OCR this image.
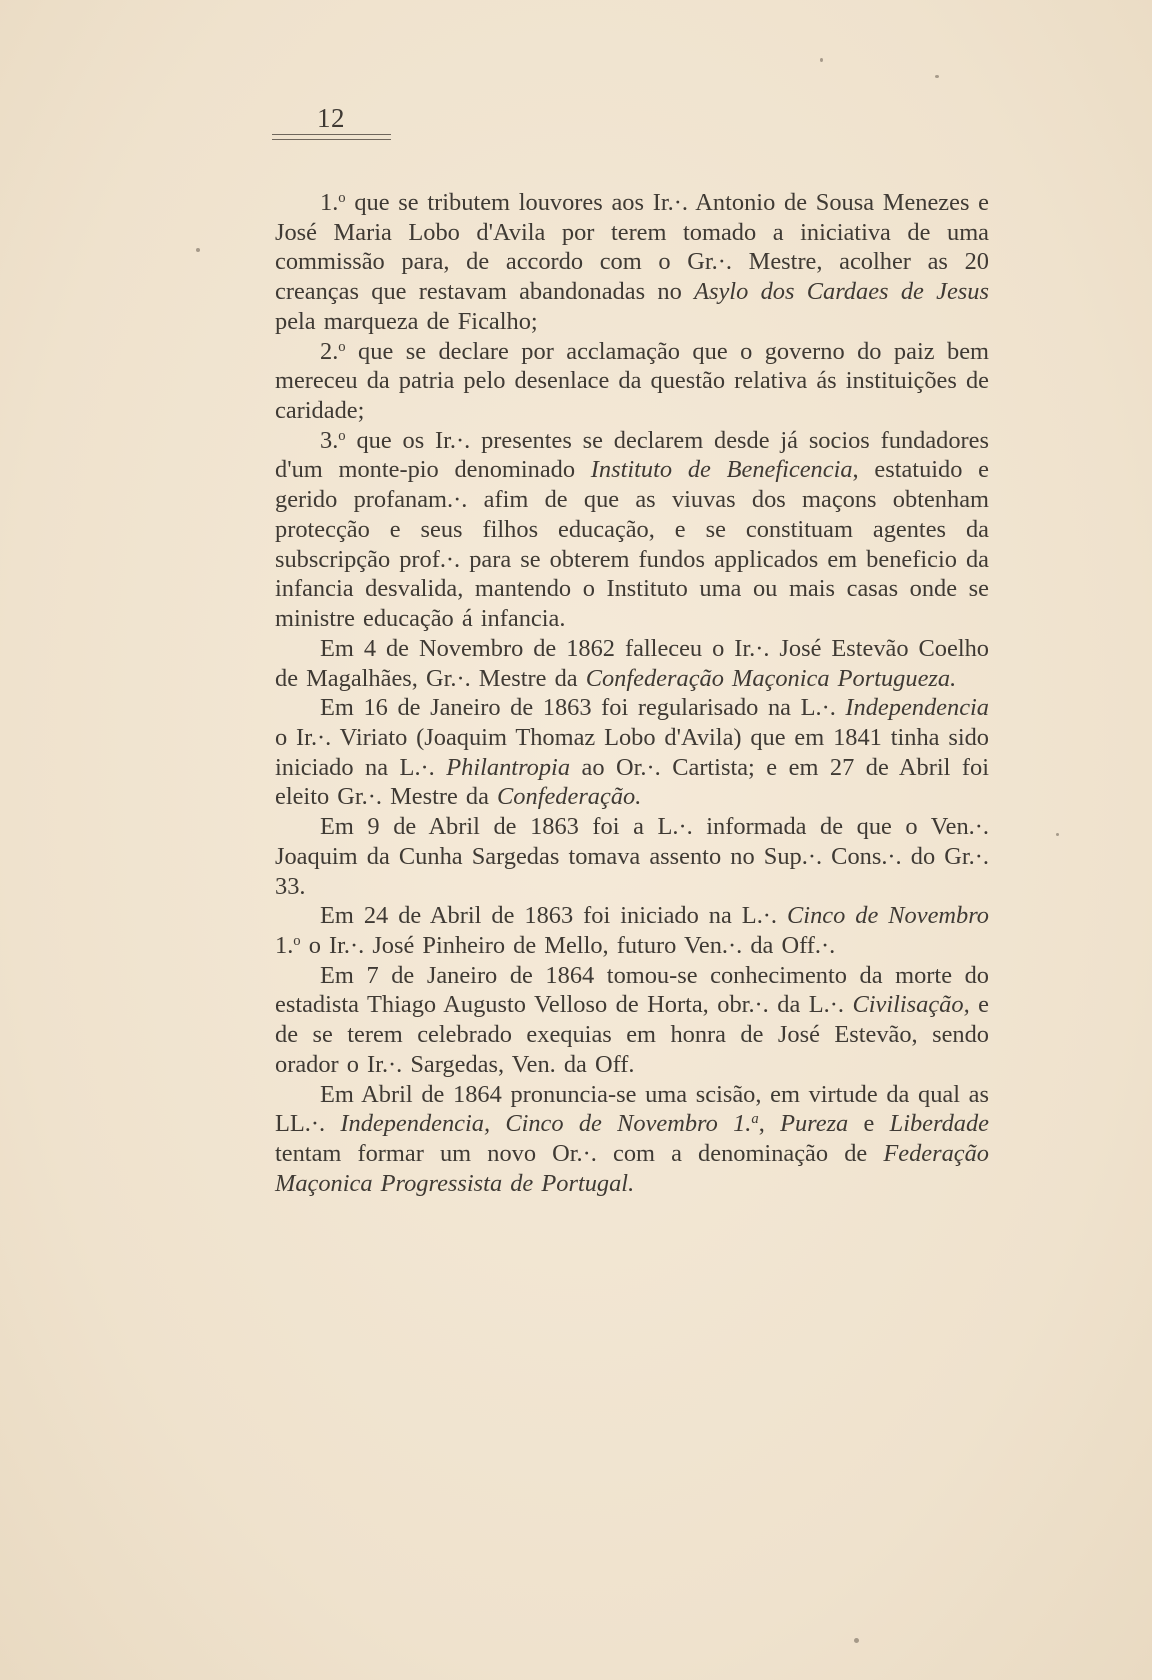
12

1.$^o$ que se tributem louvores aos Ir.·. Antonio de Sousa Menezes e José Maria Lobo d'Avila por terem tomado a iniciativa de uma commissão para, de accordo com o Gr.·. Mestre, acolher as 20 creanças que restavam abandonadas no Asylo dos Cardaes de Jesus pela marqueza de Ficalho;

2.$^o$ que se declare por acclamação que o governo do paiz bem mereceu da patria pelo desenlace da questão relativa ás instituições de caridade;

3.$^o$ que os Ir.·. presentes se declarem desde já socios fundadores d'um monte-pio denominado Instituto de Beneficencia, estatuido e gerido profanam.·. afim de que as viuvas dos maçons obtenham protecção e seus filhos educação, e se constituam agentes da subscripção prof.·. para se obterem fundos applicados em beneficio da infancia desvalida, mantendo o Instituto uma ou mais casas onde se ministre educação á infancia.

Em 4 de Novembro de 1862 falleceu o Ir.·. José Estevão Coelho de Magalhães, Gr.·. Mestre da Confederação Maçonica Portugueza.

Em 16 de Janeiro de 1863 foi regularisado na L.·. Independencia o Ir.·. Viriato (Joaquim Thomaz Lobo d'Avila) que em 1841 tinha sido iniciado na L.·. Philantropia ao Or.·. Cartista; e em 27 de Abril foi eleito Gr.·. Mestre da Confederação.

Em 9 de Abril de 1863 foi a L.·. informada de que o Ven.·. Joaquim da Cunha Sargedas tomava assento no Sup.·. Cons.·. do Gr.·. 33.

Em 24 de Abril de 1863 foi iniciado na L.·. Cinco de Novembro 1.$^o$ o Ir.·. José Pinheiro de Mello, futuro Ven.·. da Off.·.

Em 7 de Janeiro de 1864 tomou-se conhecimento da morte do estadista Thiago Augusto Velloso de Horta, obr.·. da L.·. Civilisação, e de se terem celebrado exequias em honra de José Estevão, sendo orador o Ir.·. Sargedas, Ven. da Off.

Em Abril de 1864 pronuncia-se uma scisão, em virtude da qual as LL.·. Independencia, Cinco de Novembro 1.$^a$, Pureza e Liberdade tentam formar um novo Or.·. com a denominação de Federação Maçonica Progressista de Portugal.
